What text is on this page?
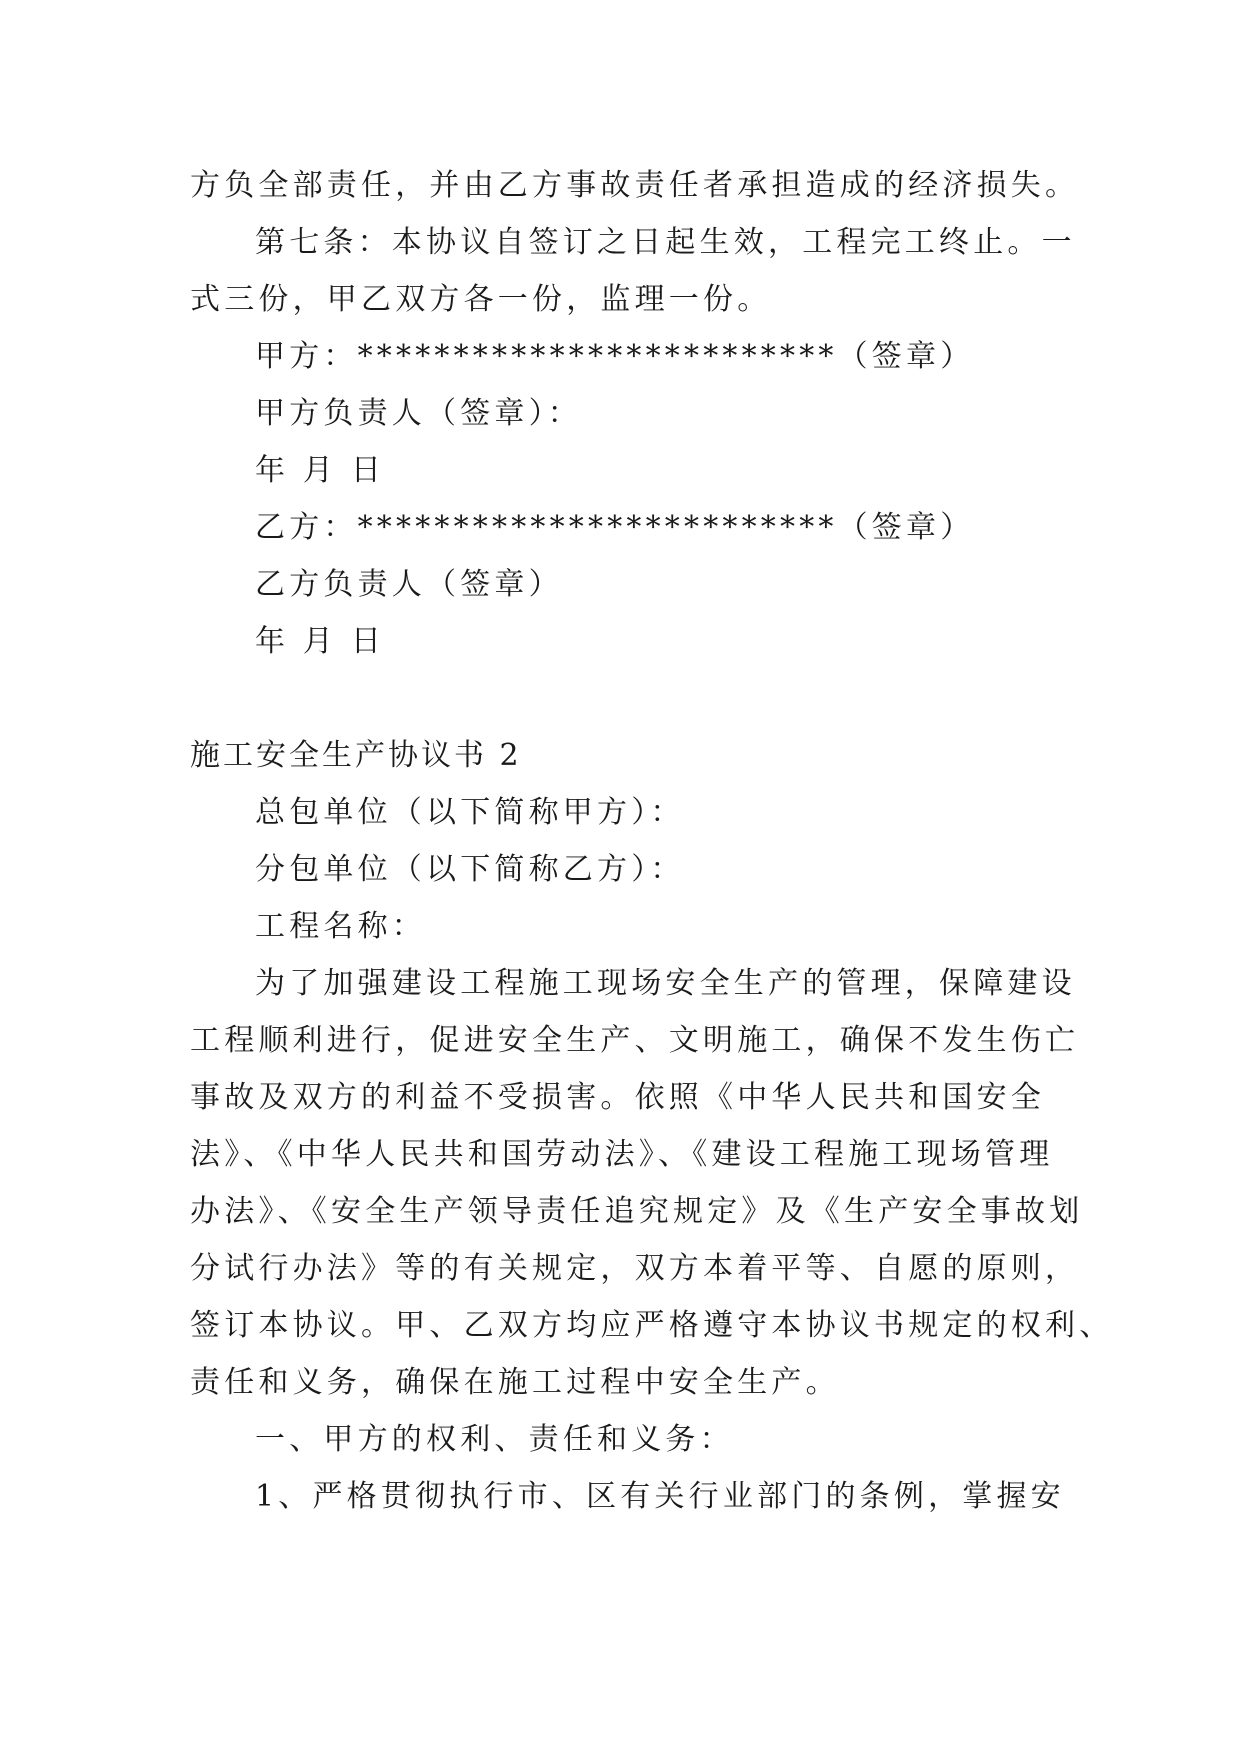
方负全部责任，并由乙方事故责任者承担造成的经济损失。
第七条：本协议自签订之日起生效，工程完工终止。一
式三份，甲乙双方各一份，监理一份。
甲方：*************************（签章）
甲方负责人（签章）：
年 月 日
乙方：*************************（签章）
乙方负责人（签章）
年 月 日
施工安全生产协议书 2
总包单位（以下简称甲方）：
分包单位（以下简称乙方）：
工程名称：
为了加强建设工程施工现场安全生产的管理，保障建设
工程顺利进行，促进安全生产、文明施工，确保不发生伤亡
事故及双方的利益不受损害。依照《中华人民共和国安全
法》、《中华人民共和国劳动法》、《建设工程施工现场管理
办法》、《安全生产领导责任追究规定》及《生产安全事故划
分试行办法》等的有关规定，双方本着平等、自愿的原则，
签订本协议。甲、乙双方均应严格遵守本协议书规定的权利、
责任和义务，确保在施工过程中安全生产。
一、甲方的权利、责任和义务：
1、严格贯彻执行市、区有关行业部门的条例，掌握安
